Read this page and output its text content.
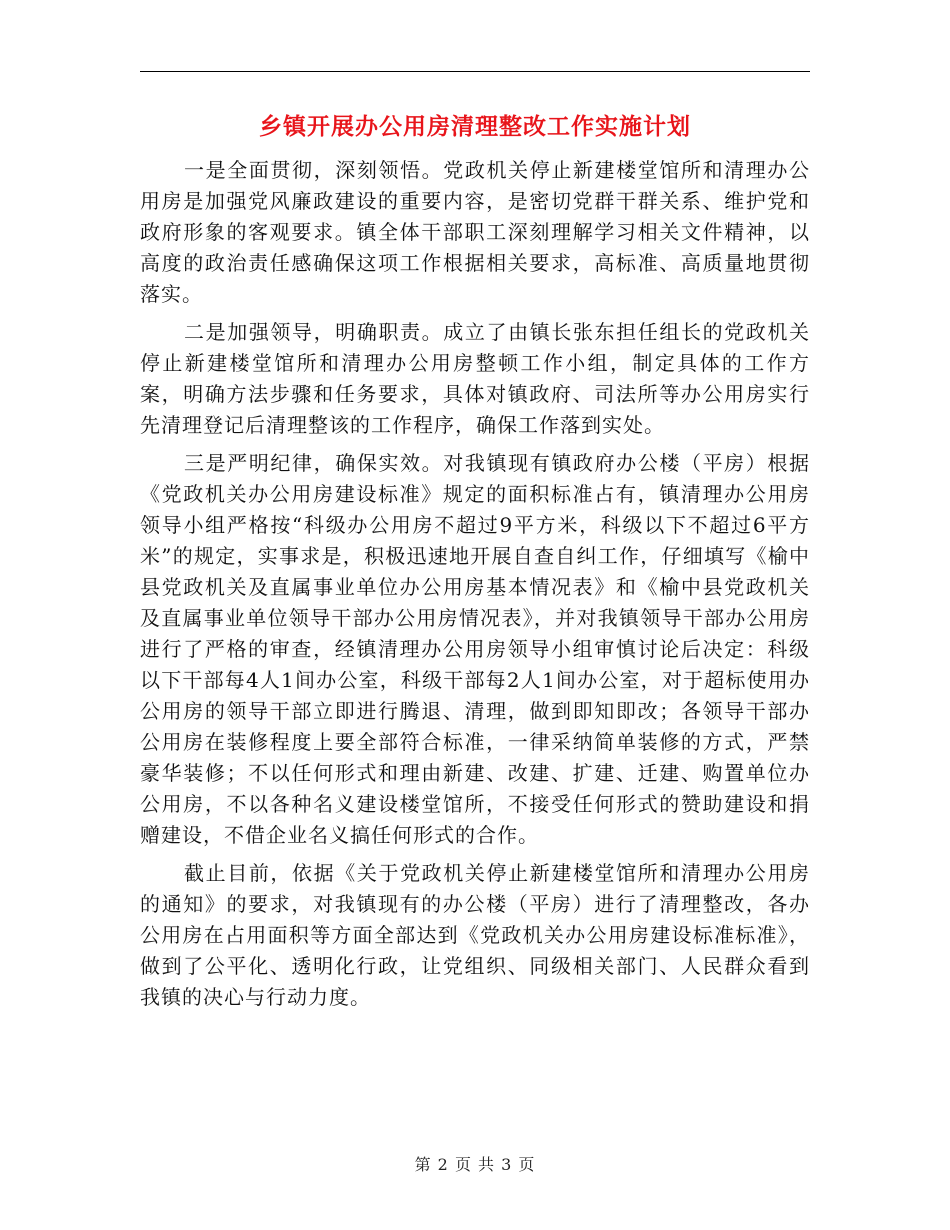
乡镇开展办公用房清理整改工作实施计划

一是全面贯彻，深刻领悟。党政机关停止新建楼堂馆所和清理办公用房是加强党风廉政建设的重要内容，是密切党群干群关系、维护党和政府形象的客观要求。镇全体干部职工深刻理解学习相关文件精神，以高度的政治责任感确保这项工作根据相关要求，高标准、高质量地贯彻落实。

二是加强领导，明确职责。成立了由镇长张东担任组长的党政机关停止新建楼堂馆所和清理办公用房整顿工作小组，制定具体的工作方案，明确方法步骤和任务要求，具体对镇政府、司法所等办公用房实行先清理登记后清理整该的工作程序，确保工作落到实处。

三是严明纪律，确保实效。对我镇现有镇政府办公楼（平房）根据《党政机关办公用房建设标准》规定的面积标准占有，镇清理办公用房领导小组严格按“科级办公用房不超过9平方米，科级以下不超过6平方米”的规定，实事求是，积极迅速地开展自查自纠工作，仔细填写《榆中县党政机关及直属事业单位办公用房基本情况表》和《榆中县党政机关及直属事业单位领导干部办公用房情况表》，并对我镇领导干部办公用房进行了严格的审查，经镇清理办公用房领导小组审慎讨论后决定：科级以下干部每4人1间办公室，科级干部每2人1间办公室，对于超标使用办公用房的领导干部立即进行腾退、清理，做到即知即改；各领导干部办公用房在装修程度上要全部符合标准，一律采纳简单装修的方式，严禁豪华装修；不以任何形式和理由新建、改建、扩建、迁建、购置单位办公用房，不以各种名义建设楼堂馆所，不接受任何形式的赞助建设和捐赠建设，不借企业名义搞任何形式的合作。

截止目前，依据《关于党政机关停止新建楼堂馆所和清理办公用房的通知》的要求，对我镇现有的办公楼（平房）进行了清理整改，各办公用房在占用面积等方面全部达到《党政机关办公用房建设标准标准》，做到了公平化、透明化行政，让党组织、同级相关部门、人民群众看到我镇的决心与行动力度。

第 2 页 共 3 页
